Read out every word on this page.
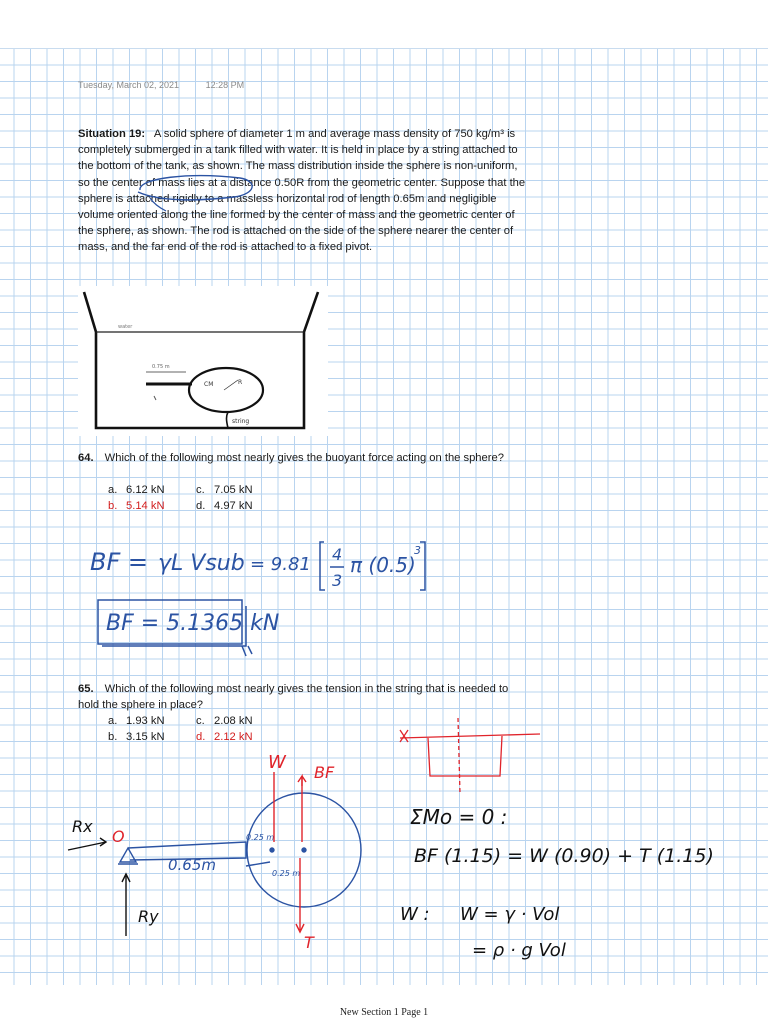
Tuesday, March 02, 2021	12:28 PM
Situation 19: A solid sphere of diameter 1 m and average mass density of 750 kg/m³ is completely submerged in a tank filled with water. It is held in place by a string attached to the bottom of the tank, as shown. The mass distribution inside the sphere is non-uniform, so the center of mass lies at a distance 0.50R from the geometric center. Suppose that the sphere is attached rigidly to a massless horizontal rod of length 0.65m and negligible volume oriented along the line formed by the center of mass and the geometric center of the sphere, as shown. The rod is attached on the side of the sphere nearer the center of mass, and the far end of the rod is attached to a fixed pivot.
water
0.75 m
CM	R
string
64. Which of the following most nearly gives the buoyant force acting on the sphere?
a. 6.12 kN	c. 7.05 kN
b. 5.14 kN	d. 4.97 kN
BF = γL Vsub = 9.81 4
3
π (0.5)
3
BF = 5.1365 kN
65. Which of the following most nearly gives the tension in the string that is needed to hold the sphere in place?
a. 1.93 kN	c. 2.08 kN
b. 3.15 kN	d. 2.12 kN
W BF
T
Rx
Ry
O
0.65m
0.25 m
0.25 m
ΣMo = 0 :
BF (1.15) = W (0.90) + T (1.15)
W : W = γ · Vol
= ρ · g Vol
New Section 1 Page 1
